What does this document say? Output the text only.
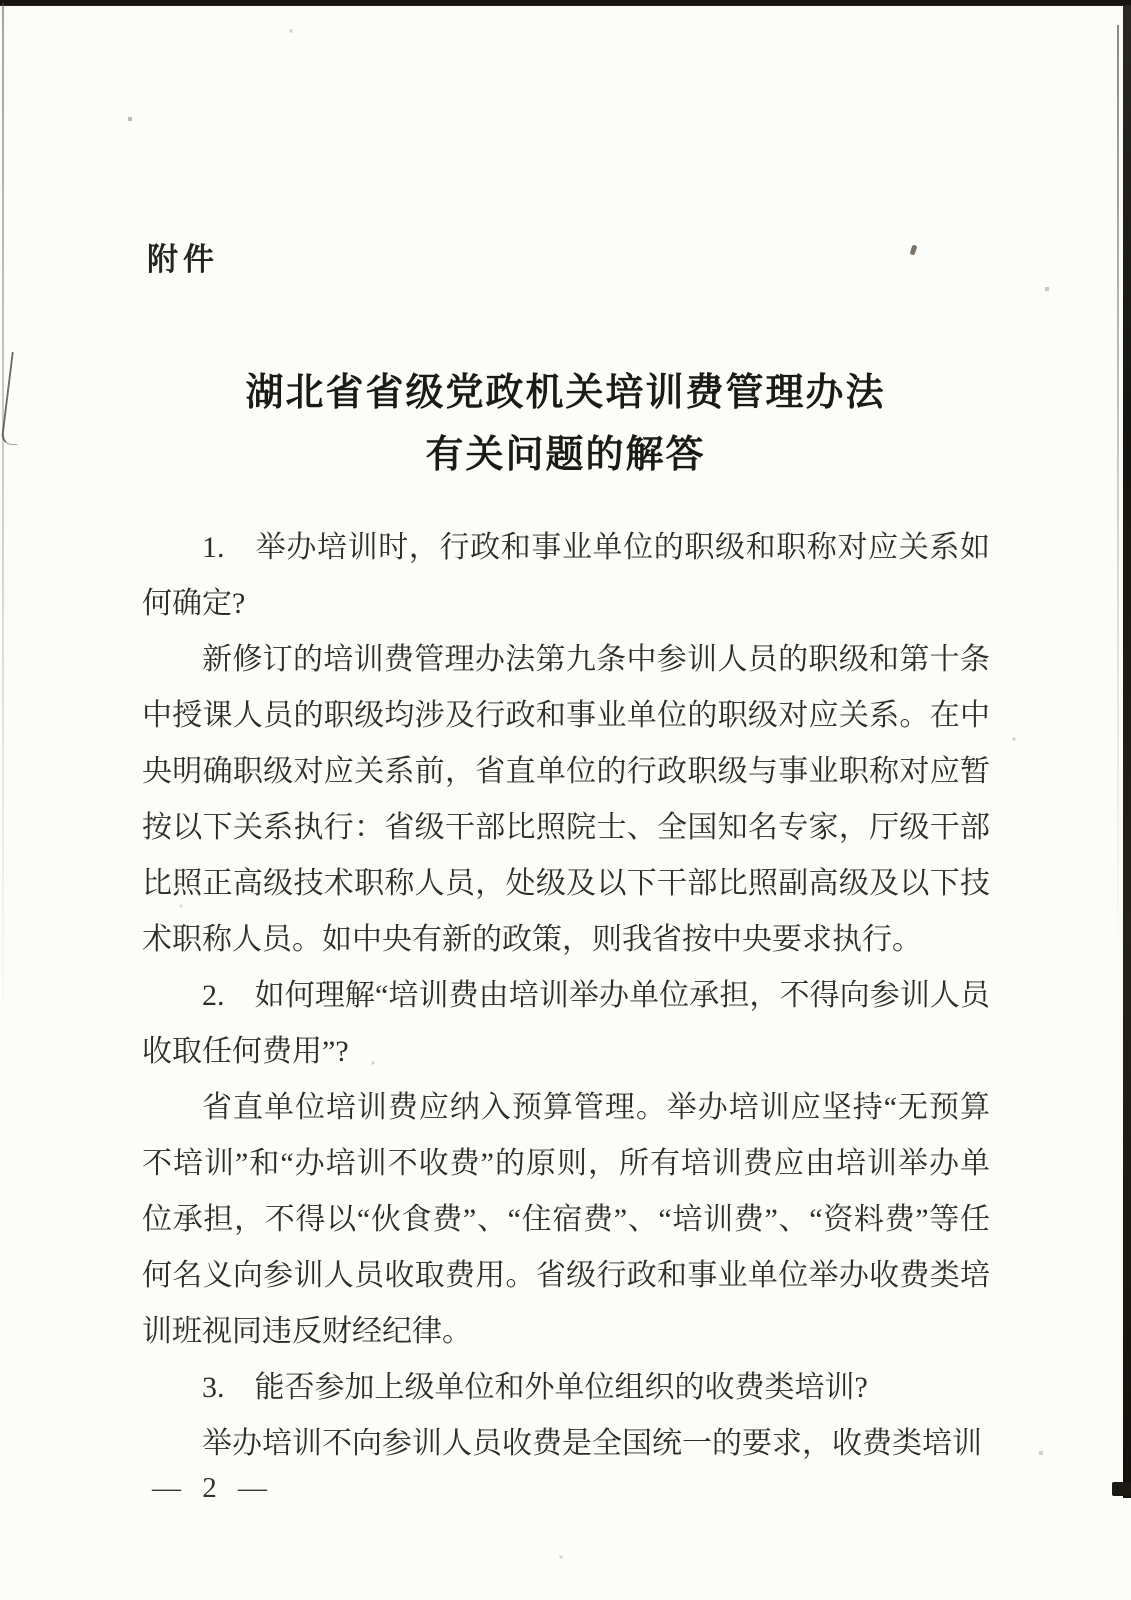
附件
湖北省省级党政机关培训费管理办法
有关问题的解答

1.　举办培训时，行政和事业单位的职级和职称对应关系如何确定?

新修订的培训费管理办法第九条中参训人员的职级和第十条中授课人员的职级均涉及行政和事业单位的职级对应关系。在中央明确职级对应关系前，省直单位的行政职级与事业职称对应暂按以下关系执行：省级干部比照院士、全国知名专家，厅级干部比照正高级技术职称人员，处级及以下干部比照副高级及以下技术职称人员。如中央有新的政策，则我省按中央要求执行。

2.　如何理解“培训费由培训举办单位承担，不得向参训人员收取任何费用”?

省直单位培训费应纳入预算管理。举办培训应坚持“无预算不培训”和“办培训不收费”的原则，所有培训费应由培训举办单位承担，不得以“伙食费”、“住宿费”、“培训费”、“资料费”等任何名义向参训人员收取费用。省级行政和事业单位举办收费类培训班视同违反财经纪律。

3.　能否参加上级单位和外单位组织的收费类培训?

举办培训不向参训人员收费是全国统一的要求，收费类培训

— 2 —
